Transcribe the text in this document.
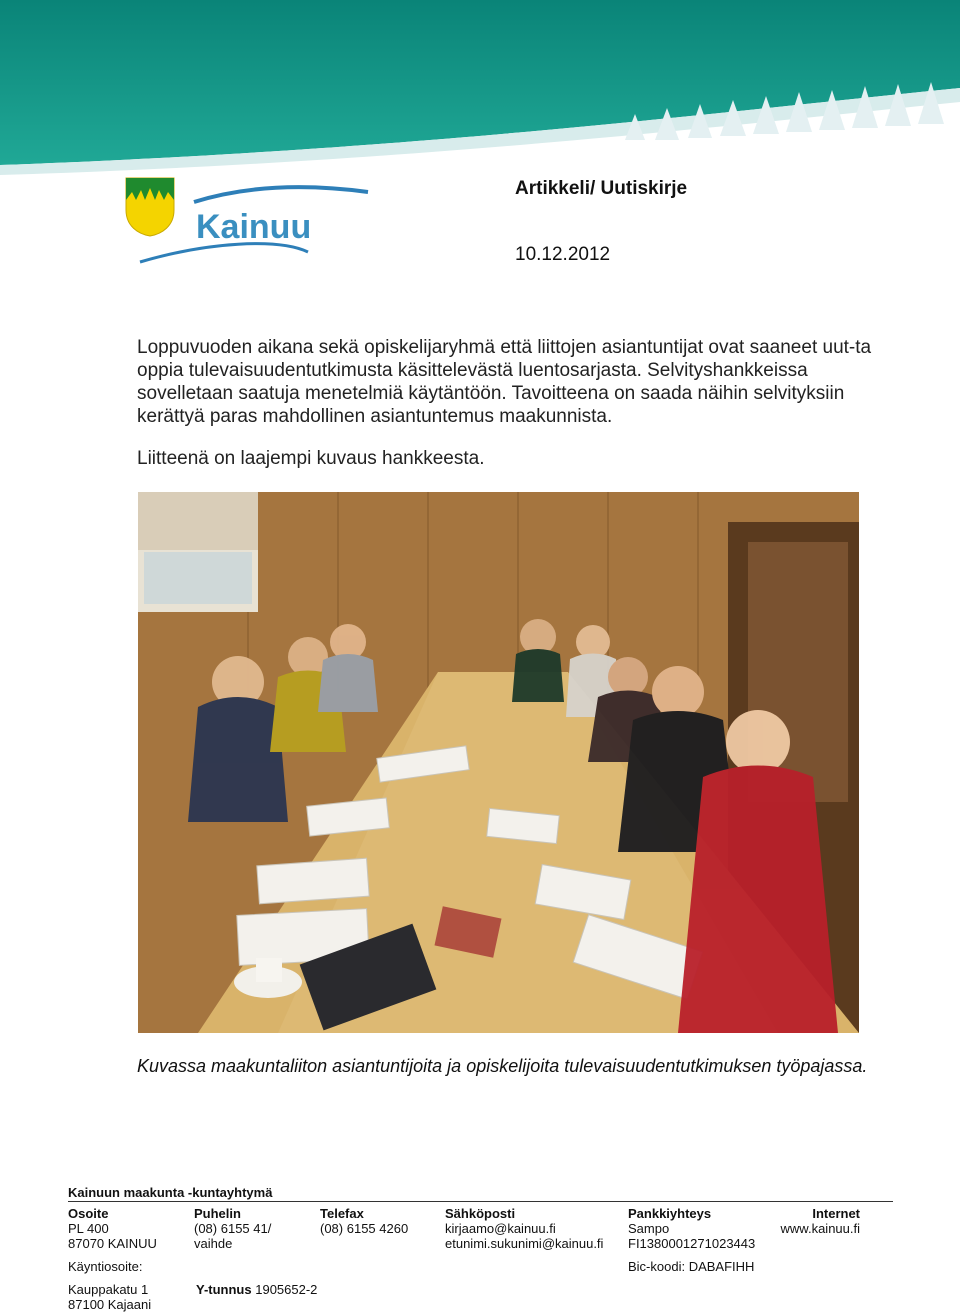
Kainuu
Artikkeli/ Uutiskirje
10.12.2012

Loppuvuoden aikana sekä opiskelijaryhmä että liittojen asiantuntijat ovat saaneet uut-ta oppia tulevaisuudentutkimusta käsittelevästä luentosarjasta. Selvityshankkeissa sovelletaan saatuja menetelmiä käytäntöön. Tavoitteena on saada näihin selvityksiin kerättyä paras mahdollinen asiantuntemus maakunnista.

Liitteenä on laajempi kuvaus hankkeesta.

Kuvassa maakuntaliiton asiantuntijoita ja opiskelijoita tulevaisuudentutkimuksen työpajassa.
Kainuun maakunta -kuntayhtymä
Osoite
PL 400
87070 KAINUU
Puhelin
(08) 6155 41/
vaihde
Telefax
(08) 6155 4260
Sähköposti
kirjaamo@kainuu.fi
etunimi.sukunimi@kainuu.fi
Pankkiyhteys
Sampo
FI1380001271023443
Internet
www.kainuu.fi
Käyntiosoite:	Bic-koodi: DABAFIHH
Kauppakatu 1
87100 Kajaani
Y-tunnus 1905652-2
